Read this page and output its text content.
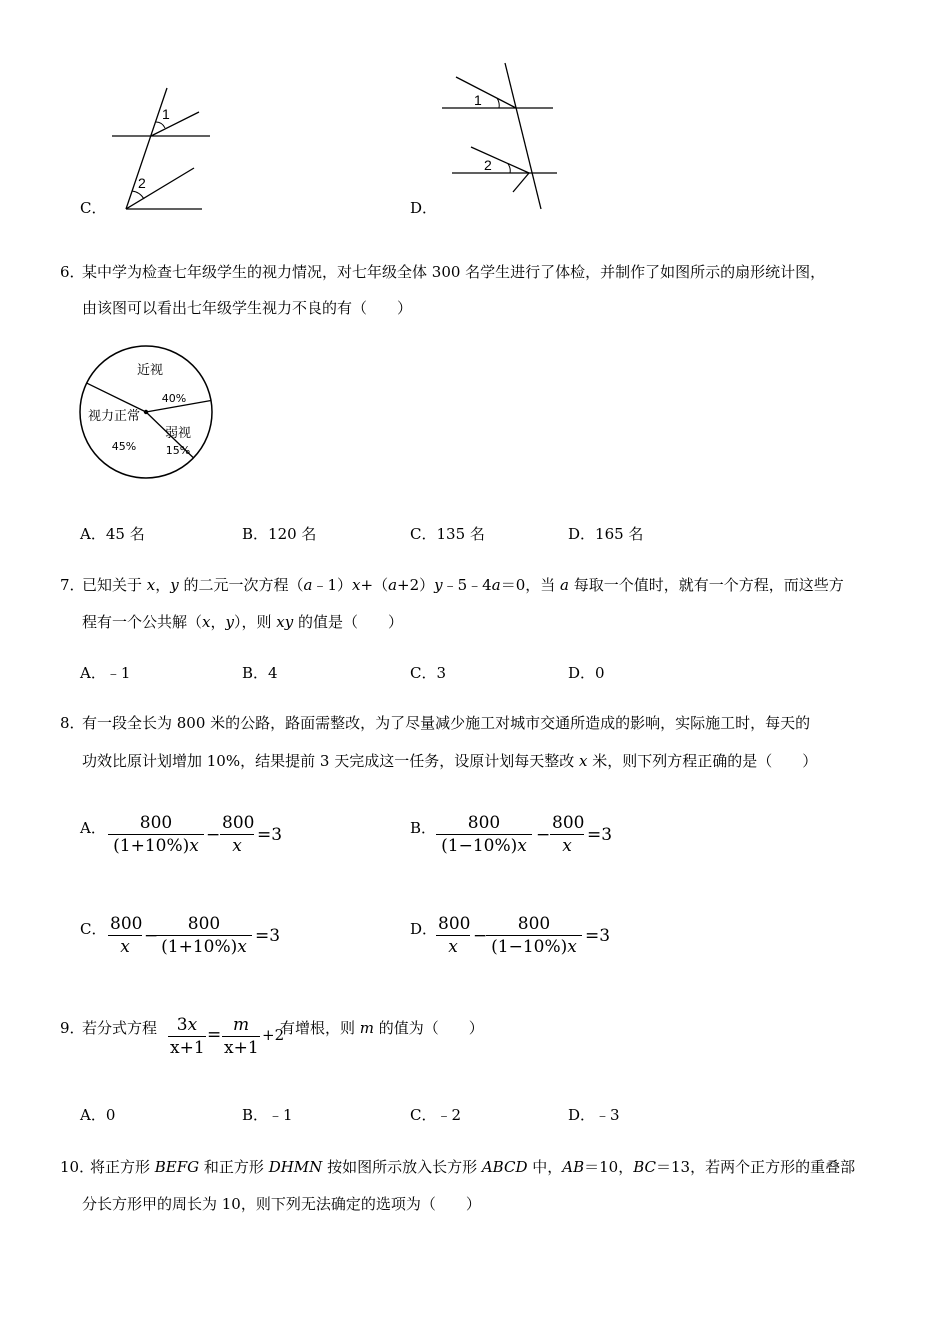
1
2
C．
1
2
D．
6．
某中学为检查七年级学生的视力情况，对七年级全体 300 名学生进行了体检，并制作了如图所示的扇形统计图，
由该图可以看出七年级学生视力不良的有（　　）
近视
40%
弱视
15%
视力正常
45%
A．45 名	B．120 名	C．135 名	D．165 名
7．
已知关于 x，y 的二元一次方程（a﹣1）x+（a+2）y﹣5﹣4a＝0，当 a 每取一个值时，就有一个方程，而这些方
程有一个公共解（x，y），则 xy 的值是（　　）
A．﹣1	B．4	C．3	D．0
8．
有一段全长为 800 米的公路，路面需整改，为了尽量减少施工对城市交通所造成的影响，实际施工时，每天的
功效比原计划增加 10%，结果提前 3 天完成这一任务，设原计划每天整改 x 米，则下列方程正确的是（　　）
A．	800
(1+10%)x
−
800
x
=3	B．	800
(1−10%)x
−
800
x
=3
C． 800
x
−
800
(1+10%)x
=3	D． 800
x
−
800
(1−10%)x
=3
9．
若分式方程	3x
x+1
= m
x+1
+2
有增根，则 m 的值为（　　）
A．0	B．﹣1	C．﹣2	D．﹣3
10．
将正方形 BEFG 和正方形 DHMN 按如图所示放入长方形 ABCD 中，AB＝10，BC＝13，若两个正方形的重叠部
分长方形甲的周长为 10，则下列无法确定的选项为（　　）
